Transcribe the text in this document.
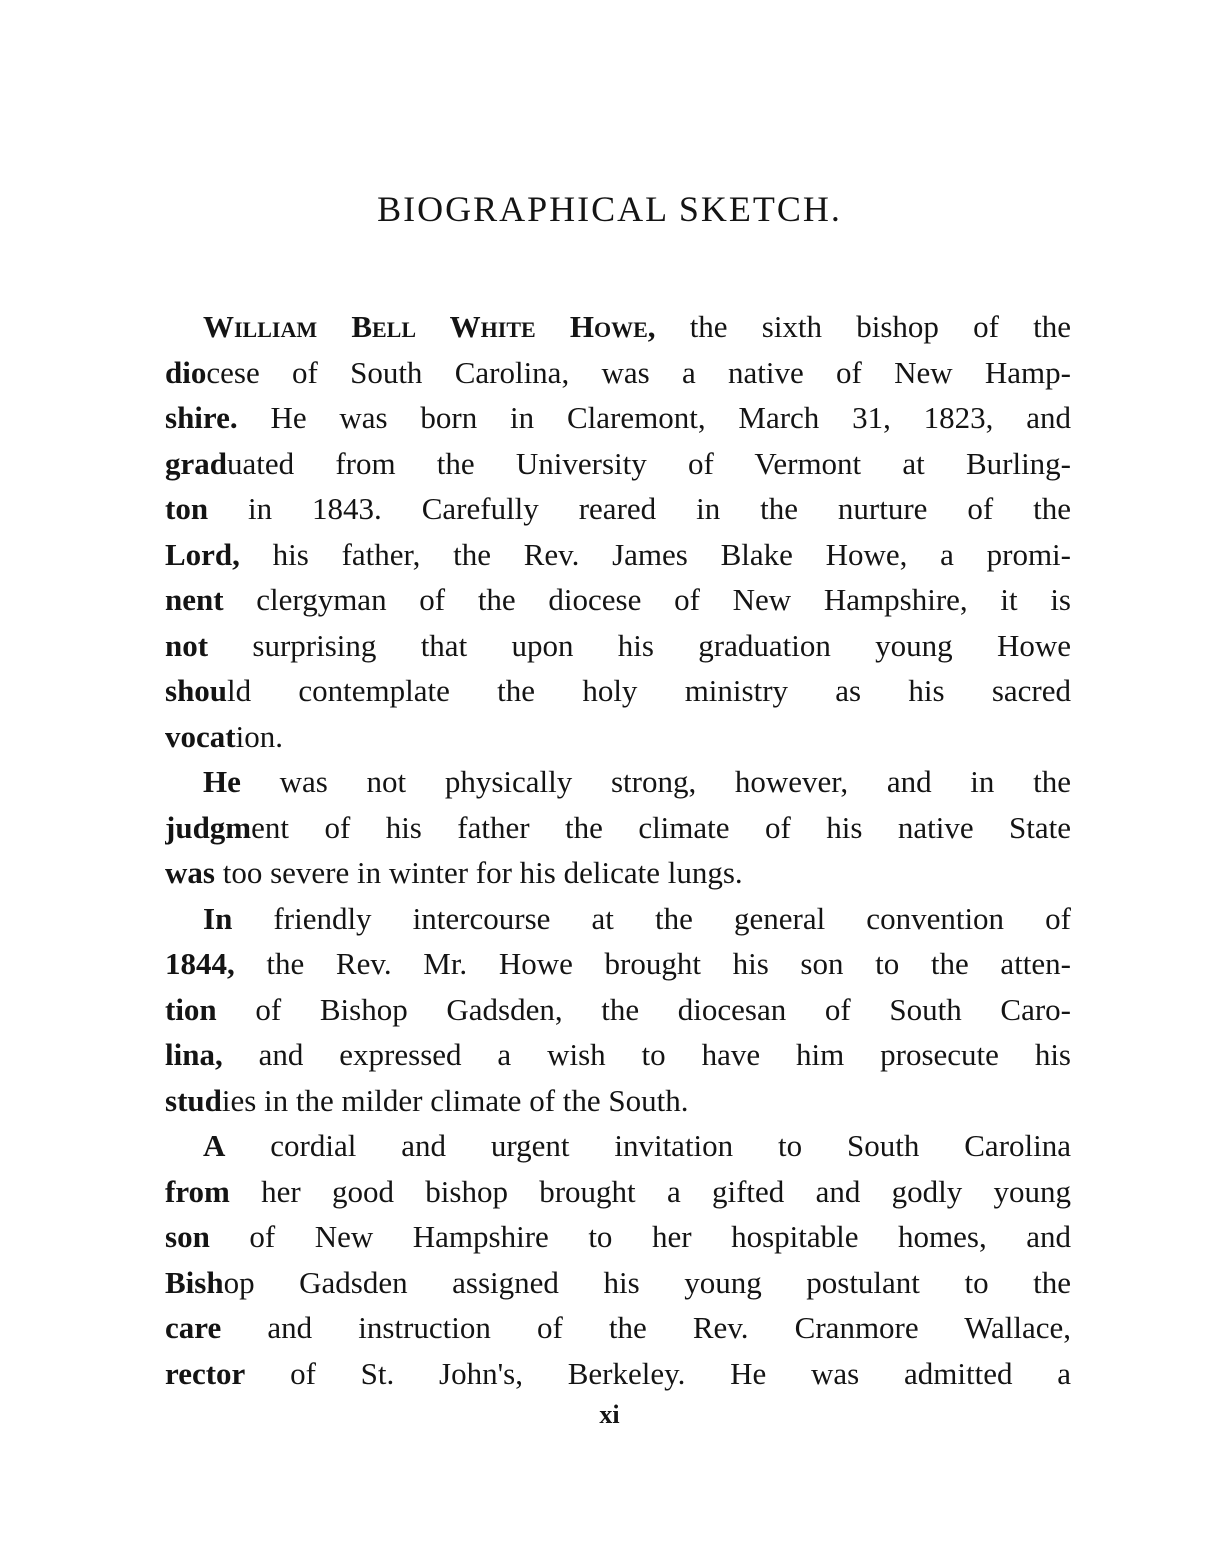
BIOGRAPHICAL SKETCH.
William Bell White Howe, the sixth bishop of the
diocese of South Carolina, was a native of New Hamp-
shire. He was born in Claremont, March 31, 1823, and
graduated from the University of Vermont at Burling-
ton in 1843. Carefully reared in the nurture of the
Lord, his father, the Rev. James Blake Howe, a promi-
nent clergyman of the diocese of New Hampshire, it is
not surprising that upon his graduation young Howe
should contemplate the holy ministry as his sacred
vocation.
He was not physically strong, however, and in the
judgment of his father the climate of his native State
was too severe in winter for his delicate lungs.
In friendly intercourse at the general convention of
1844, the Rev. Mr. Howe brought his son to the atten-
tion of Bishop Gadsden, the diocesan of South Caro-
lina, and expressed a wish to have him prosecute his
studies in the milder climate of the South.
A cordial and urgent invitation to South Carolina
from her good bishop brought a gifted and godly young
son of New Hampshire to her hospitable homes, and
Bishop Gadsden assigned his young postulant to the
care and instruction of the Rev. Cranmore Wallace,
rector of St. John's, Berkeley. He was admitted a
xi
